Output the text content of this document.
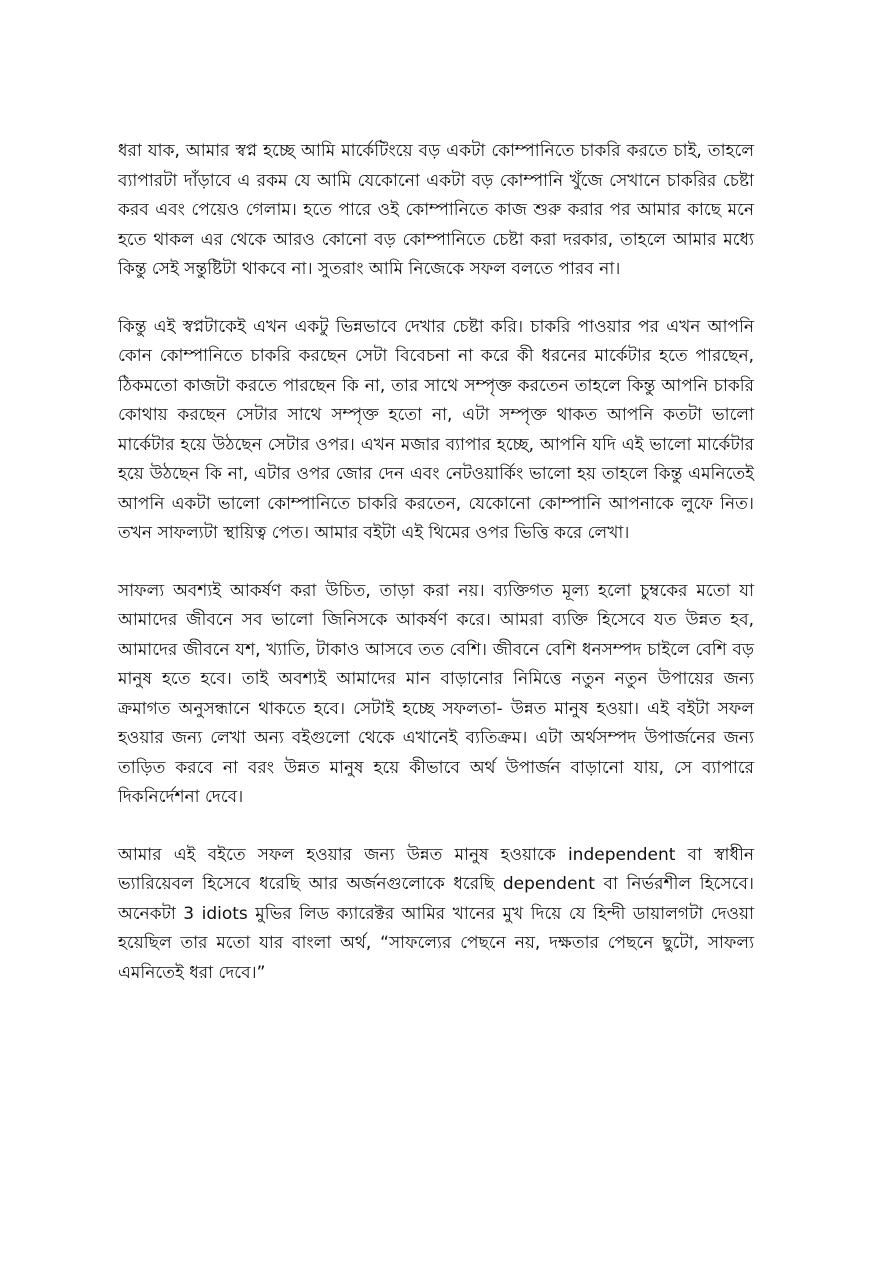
ধরা যাক, আমার স্বপ্ন হচ্ছে আমি মার্কেটিংয়ে বড় একটা কোম্পানিতে চাকরি করতে চাই, তাহলে ব্যাপারটা দাঁড়াবে এ রকম যে আমি যেকোনো একটা বড় কোম্পানি খুঁজে সেখানে চাকরির চেষ্টা করব এবং পেয়েও গেলাম। হতে পারে ওই কোম্পানিতে কাজ শুরু করার পর আমার কাছে মনে হতে থাকল এর থেকে আরও কোনো বড় কোম্পানিতে চেষ্টা করা দরকার, তাহলে আমার মধ্যে কিন্তু সেই সন্তুষ্টিটা থাকবে না। সুতরাং আমি নিজেকে সফল বলতে পারব না।

কিন্তু এই স্বপ্নটাকেই এখন একটু ভিন্নভাবে দেখার চেষ্টা করি। চাকরি পাওয়ার পর এখন আপনি কোন কোম্পানিতে চাকরি করছেন সেটা বিবেচনা না করে কী ধরনের মার্কেটার হতে পারছেন, ঠিকমতো কাজটা করতে পারছেন কি না, তার সাথে সম্পৃক্ত করতেন তাহলে কিন্তু আপনি চাকরি কোথায় করছেন সেটার সাথে সম্পৃক্ত হতো না, এটা সম্পৃক্ত থাকত আপনি কতটা ভালো মার্কেটার হয়ে উঠছেন সেটার ওপর। এখন মজার ব্যাপার হচ্ছে, আপনি যদি এই ভালো মার্কেটার হয়ে উঠছেন কি না, এটার ওপর জোর দেন এবং নেটওয়ার্কিং ভালো হয় তাহলে কিন্তু এমনিতেই আপনি একটা ভালো কোম্পানিতে চাকরি করতেন, যেকোনো কোম্পানি আপনাকে লুফে নিত। তখন সাফল্যটা স্থায়িত্ব পেত। আমার বইটা এই থিমের ওপর ভিত্তি করে লেখা।

সাফল্য অবশ্যই আকর্ষণ করা উচিত, তাড়া করা নয়। ব্যক্তিগত মূল্য হলো চুম্বকের মতো যা আমাদের জীবনে সব ভালো জিনিসকে আকর্ষণ করে। আমরা ব্যক্তি হিসেবে যত উন্নত হব, আমাদের জীবনে যশ, খ্যাতি, টাকাও আসবে তত বেশি। জীবনে বেশি ধনসম্পদ চাইলে বেশি বড় মানুষ হতে হবে। তাই অবশ্যই আমাদের মান বাড়ানোর নিমিত্তে নতুন নতুন উপায়ের জন্য ক্রমাগত অনুসন্ধানে থাকতে হবে। সেটাই হচ্ছে সফলতা- উন্নত মানুষ হওয়া। এই বইটা সফল হওয়ার জন্য লেখা অন্য বইগুলো থেকে এখানেই ব্যতিক্রম। এটা অর্থসম্পদ উপার্জনের জন্য তাড়িত করবে না বরং উন্নত মানুষ হয়ে কীভাবে অর্থ উপার্জন বাড়ানো যায়, সে ব্যাপারে দিকনির্দেশনা দেবে।

আমার এই বইতে সফল হওয়ার জন্য উন্নত মানুষ হওয়াকে independent বা স্বাধীন ভ্যারিয়েবল হিসেবে ধরেছি আর অর্জনগুলোকে ধরেছি dependent বা নির্ভরশীল হিসেবে। অনেকটা 3 idiots মুভির লিড ক্যারেক্টর আমির খানের মুখ দিয়ে যে হিন্দী ডায়ালগটা দেওয়া হয়েছিল তার মতো যার বাংলা অর্থ, “সাফল্যের পেছনে নয়, দক্ষতার পেছনে ছুটো, সাফল্য এমনিতেই ধরা দেবে।”
